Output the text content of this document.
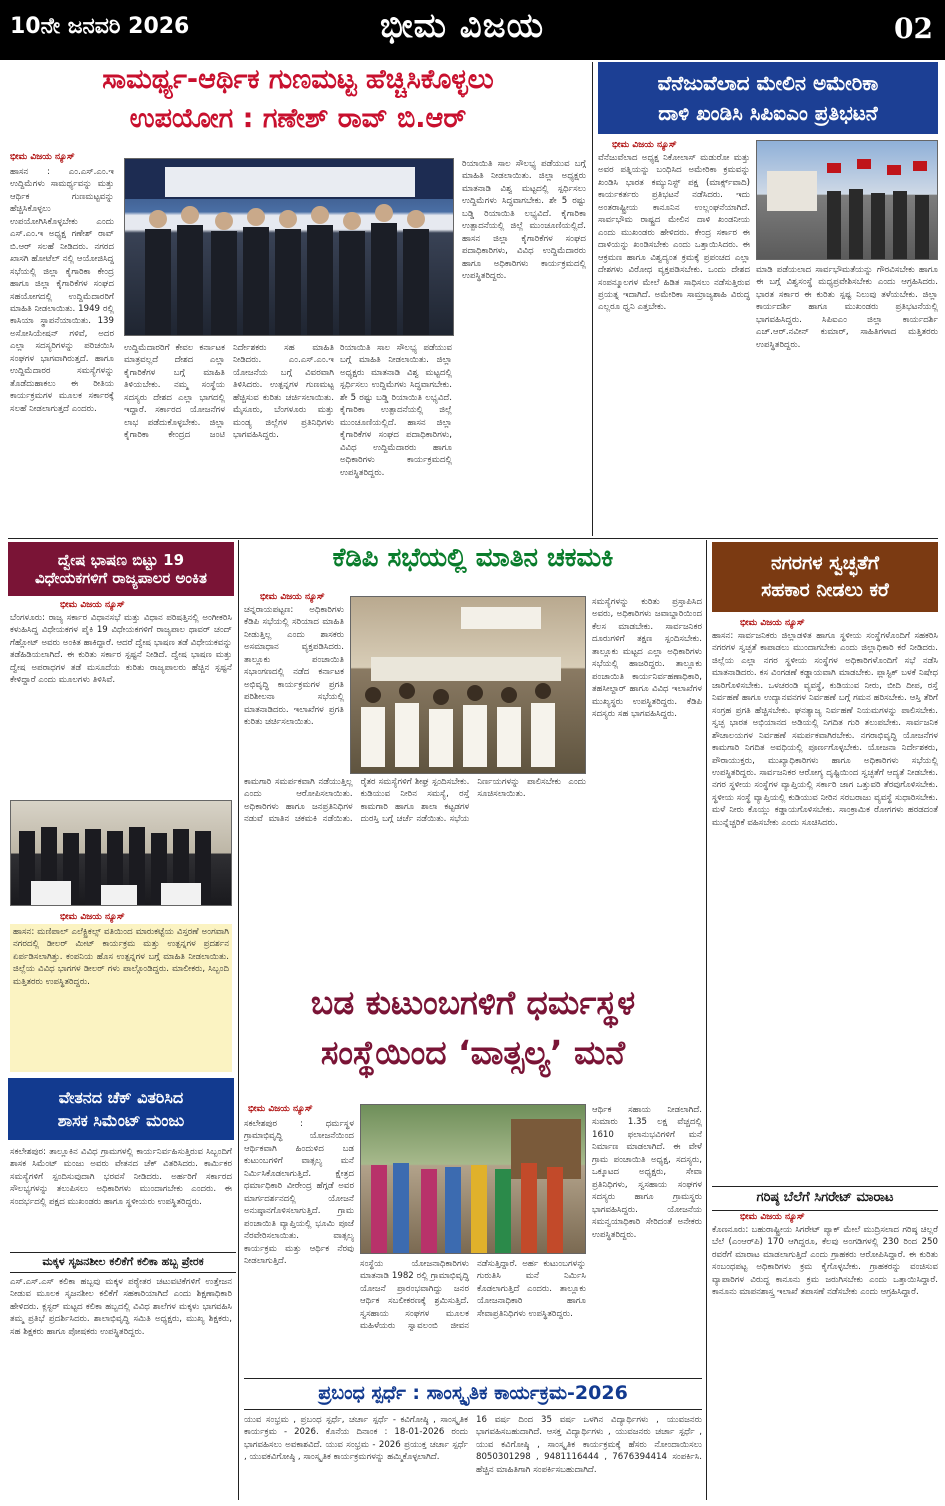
10ನೇ ಜನವರಿ 2026	ಭೀಮ ವಿಜಯ	02
ಸಾಮರ್ಥ್ಯ-ಆರ್ಥಿಕ ಗುಣಮಟ್ಟ ಹೆಚ್ಚಿಸಿಕೊಳ್ಳಲು
ಉಪಯೋಗ : ಗಣೇಶ್ ರಾವ್ ಬಿ.ಆರ್
ಭೀಮ ವಿಜಯ ನ್ಯೂಸ್
ಹಾಸನ : ಎಂ.ಎಸ್.ಎಂ.ಇ ಉದ್ದಿಮೆಗಳು ಸಾಮರ್ಥ್ಯವನ್ನು ಮತ್ತು ಆರ್ಥಿಕ ಗುಣಮಟ್ಟವನ್ನು ಹೆಚ್ಚಿಸಿಕೊಳ್ಳಲು ಉಪಯೋಗಿಸಿಕೊಳ್ಳಬೇಕು ಎಂದು ಎಸ್.ಎಂ.ಇ ಅಧ್ಯಕ್ಷ ಗಣೇಶ್ ರಾವ್ ಬಿ.ಆರ್ ಸಲಹೆ ನೀಡಿದರು. ನಗರದ ಖಾಸಗಿ ಹೋಟೆಲ್ ನಲ್ಲಿ ಆಯೋಜಿಸಿದ್ದ ಸಭೆಯಲ್ಲಿ ಜಿಲ್ಲಾ ಕೈಗಾರಿಕಾ ಕೇಂದ್ರ ಹಾಗೂ ಜಿಲ್ಲಾ ಕೈಗಾರಿಕೆಗಳ ಸಂಘದ ಸಹಯೋಗದಲ್ಲಿ ಉದ್ದಿಮೆದಾರರಿಗೆ ಮಾಹಿತಿ ನೀಡಲಾಯಿತು. 1949 ರಲ್ಲಿ ಕಾಸಿಯಾ ಸ್ಥಾಪನೆಯಾಯಿತು. 139 ಅಸೋಸಿಯೇಷನ್ ಗಳಿವೆ, ಅದರ ಎಲ್ಲಾ ಸದಸ್ಯರಿಗಳನ್ನು ಪರಿಚಯಿಸಿ ಸಂಘಗಳ ಭಾಗವಾಗಿರುತ್ತದೆ. ಹಾಗೂ ಉದ್ದಿಮೆದಾರರ ಸಮಸ್ಯೆಗಳನ್ನು ತೊಡೆದುಹಾಕಲು ಈ ರೀತಿಯ ಕಾರ್ಯಕ್ರಮಗಳ ಮೂಲಕ ಸರ್ಕಾರಕ್ಕೆ ಸಲಹೆ ನೀಡಲಾಗುತ್ತದೆ ಎಂದರು.
ಉದ್ದಿಮೆದಾರರಿಗೆ ಕೇವಲ ಕರ್ನಾಟಕ ಮಾತ್ರವಲ್ಲದೆ ದೇಶದ ಎಲ್ಲಾ ಕೈಗಾರಿಕೆಗಳ ಬಗ್ಗೆ ಮಾಹಿತಿ ತಿಳಿಯಬೇಕು. ನಮ್ಮ ಸಂಸ್ಥೆಯ ಸದಸ್ಯರು ದೇಶದ ಎಲ್ಲಾ ಭಾಗದಲ್ಲಿ ಇದ್ದಾರೆ. ಸರ್ಕಾರದ ಯೋಜನೆಗಳ ಲಾಭ ಪಡೆದುಕೊಳ್ಳಬೇಕು. ಜಿಲ್ಲಾ ಕೈಗಾರಿಕಾ ಕೇಂದ್ರದ ಜಂಟಿ ನಿರ್ದೇಶಕರು ಸಹ ಮಾಹಿತಿ ನೀಡಿದರು. ಎಂ.ಎಸ್.ಎಂ.ಇ ಯೋಜನೆಯ ಬಗ್ಗೆ ವಿವರವಾಗಿ ತಿಳಿಸಿದರು. ಉತ್ಪನ್ನಗಳ ಗುಣಮಟ್ಟ ಹೆಚ್ಚಿಸುವ ಕುರಿತು ಚರ್ಚಿಸಲಾಯಿತು. ಮೈಸೂರು, ಬೆಂಗಳೂರು ಮತ್ತು ಮಂಡ್ಯ ಜಿಲ್ಲೆಗಳ ಪ್ರತಿನಿಧಿಗಳು ಭಾಗವಹಿಸಿದ್ದರು.
ರಿಯಾಯಿತಿ ಸಾಲ ಸೌಲಭ್ಯ ಪಡೆಯುವ ಬಗ್ಗೆ ಮಾಹಿತಿ ನೀಡಲಾಯಿತು. ಜಿಲ್ಲಾ ಅಧ್ಯಕ್ಷರು ಮಾತನಾಡಿ ವಿಶ್ವ ಮಟ್ಟದಲ್ಲಿ ಸ್ಪರ್ಧಿಸಲು ಉದ್ದಿಮೆಗಳು ಸಿದ್ಧವಾಗಬೇಕು. ಶೇ 5 ರಷ್ಟು ಬಡ್ಡಿ ರಿಯಾಯಿತಿ ಲಭ್ಯವಿದೆ. ಕೈಗಾರಿಕಾ ಉತ್ಪಾದನೆಯಲ್ಲಿ ಜಿಲ್ಲೆ ಮುಂಚೂಣಿಯಲ್ಲಿದೆ. ಹಾಸನ ಜಿಲ್ಲಾ ಕೈಗಾರಿಕೆಗಳ ಸಂಘದ ಪದಾಧಿಕಾರಿಗಳು, ವಿವಿಧ ಉದ್ದಿಮೆದಾರರು ಹಾಗೂ ಅಧಿಕಾರಿಗಳು ಕಾರ್ಯಕ್ರಮದಲ್ಲಿ ಉಪಸ್ಥಿತರಿದ್ದರು.
ರಿಯಾಯಿತಿ ಸಾಲ ಸೌಲಭ್ಯ ಪಡೆಯುವ ಬಗ್ಗೆ ಮಾಹಿತಿ ನೀಡಲಾಯಿತು. ಜಿಲ್ಲಾ ಅಧ್ಯಕ್ಷರು ಮಾತನಾಡಿ ವಿಶ್ವ ಮಟ್ಟದಲ್ಲಿ ಸ್ಪರ್ಧಿಸಲು ಉದ್ದಿಮೆಗಳು ಸಿದ್ಧವಾಗಬೇಕು. ಶೇ 5 ರಷ್ಟು ಬಡ್ಡಿ ರಿಯಾಯಿತಿ ಲಭ್ಯವಿದೆ. ಕೈಗಾರಿಕಾ ಉತ್ಪಾದನೆಯಲ್ಲಿ ಜಿಲ್ಲೆ ಮುಂಚೂಣಿಯಲ್ಲಿದೆ. ಹಾಸನ ಜಿಲ್ಲಾ ಕೈಗಾರಿಕೆಗಳ ಸಂಘದ ಪದಾಧಿಕಾರಿಗಳು, ವಿವಿಧ ಉದ್ದಿಮೆದಾರರು ಹಾಗೂ ಅಧಿಕಾರಿಗಳು ಕಾರ್ಯಕ್ರಮದಲ್ಲಿ ಉಪಸ್ಥಿತರಿದ್ದರು.
ವೆನೆಜುವೆಲಾದ ಮೇಲಿನ ಅಮೇರಿಕಾ
ದಾಳಿ ಖಂಡಿಸಿ ಸಿಪಿಐಎಂ ಪ್ರತಿಭಟನೆ
ಭೀಮ ವಿಜಯ ನ್ಯೂಸ್
ವೆನೆಜುವೆಲಾದ ಅಧ್ಯಕ್ಷ ನಿಕೋಲಾಸ್ ಮಡುರೋ ಮತ್ತು ಅವರ ಪತ್ನಿಯನ್ನು ಬಂಧಿಸಿದ ಅಮೇರಿಕಾ ಕ್ರಮವನ್ನು ಖಂಡಿಸಿ ಭಾರತ ಕಮ್ಯುನಿಸ್ಟ್ ಪಕ್ಷ (ಮಾರ್ಕ್ಸ್‌ವಾದಿ) ಕಾರ್ಯಕರ್ತರು ಪ್ರತಿಭಟನೆ ನಡೆಸಿದರು. ಇದು ಅಂತರಾಷ್ಟ್ರೀಯ ಕಾನೂನಿನ ಉಲ್ಲಂಘನೆಯಾಗಿದೆ. ಸಾರ್ವಭೌಮ ರಾಷ್ಟ್ರದ ಮೇಲಿನ ದಾಳಿ ಖಂಡನೀಯ ಎಂದು ಮುಖಂಡರು ಹೇಳಿದರು. ಕೇಂದ್ರ ಸರ್ಕಾರ ಈ ದಾಳಿಯನ್ನು ಖಂಡಿಸಬೇಕು ಎಂದು ಒತ್ತಾಯಿಸಿದರು. ಈ ಆಕ್ರಮಣ ಹಾಗೂ ವಿಶ್ವದ್ಯಂತ ಕ್ರಮಕ್ಕೆ ಪ್ರಪಂಚದ ಎಲ್ಲಾ ದೇಶಗಳು ವಿರೋಧ ವ್ಯಕ್ತಪಡಿಸಬೇಕು. ಒಂದು ದೇಶದ ಸಂಪನ್ಮೂಲಗಳ ಮೇಲೆ ಹಿಡಿತ ಸಾಧಿಸಲು ನಡೆಸುತ್ತಿರುವ ಪ್ರಯತ್ನ ಇದಾಗಿದೆ. ಅಮೇರಿಕಾ ಸಾಮ್ರಾಜ್ಯಶಾಹಿ ವಿರುದ್ಧ ಎಲ್ಲರೂ ಧ್ವನಿ ಎತ್ತಬೇಕು.
ಮಾಡಿ ಪಡೆಯಲಾದ ಸಾರ್ವಭೌಮತೆಯನ್ನು ಗೌರವಿಸಬೇಕು ಹಾಗೂ ಈ ಬಗ್ಗೆ ವಿಶ್ವಸಂಸ್ಥೆ ಮಧ್ಯಪ್ರವೇಶಿಸಬೇಕು ಎಂದು ಆಗ್ರಹಿಸಿದರು. ಭಾರತ ಸರ್ಕಾರ ಈ ಕುರಿತು ಸ್ಪಷ್ಟ ನಿಲುವು ತಳೆಯಬೇಕು. ಜಿಲ್ಲಾ ಕಾರ್ಯದರ್ಶಿ ಹಾಗೂ ಮುಖಂಡರು ಪ್ರತಿಭಟನೆಯಲ್ಲಿ ಭಾಗವಹಿಸಿದ್ದರು. ಸಿಪಿಐಎಂ ಜಿಲ್ಲಾ ಕಾರ್ಯದರ್ಶಿ ಎಚ್.ಆರ್.ನವೀನ್ ಕುಮಾರ್, ಸಾಹಿತಿಗಳಾದ ಮತ್ತಿತರರು ಉಪಸ್ಥಿತರಿದ್ದರು.
ದ್ವೇಷ ಭಾಷಣ ಬಿಟ್ಟು 19
ವಿಧೇಯಕಗಳಿಗೆ ರಾಜ್ಯಪಾಲರ ಅಂಕಿತ
ಭೀಮ ವಿಜಯ ನ್ಯೂಸ್
ಬೆಂಗಳೂರು: ರಾಜ್ಯ ಸರ್ಕಾರ ವಿಧಾನಸಭೆ ಮತ್ತು ವಿಧಾನ ಪರಿಷತ್ತಿನಲ್ಲಿ ಅಂಗೀಕರಿಸಿ ಕಳುಹಿಸಿದ್ದ ವಿಧೇಯಕಗಳ ಪೈಕಿ 19 ವಿಧೇಯಕಗಳಿಗೆ ರಾಜ್ಯಪಾಲ ಥಾವರ್ ಚಂದ್ ಗೆಹ್ಲೋಟ್ ಅವರು ಅಂಕಿತ ಹಾಕಿದ್ದಾರೆ. ಆದರೆ ದ್ವೇಷ ಭಾಷಣ ತಡೆ ವಿಧೇಯಕವನ್ನು ತಡೆಹಿಡಿಯಲಾಗಿದೆ. ಈ ಕುರಿತು ಸರ್ಕಾರ ಸ್ಪಷ್ಟನೆ ನೀಡಿದೆ. ದ್ವೇಷ ಭಾಷಣ ಮತ್ತು ದ್ವೇಷ ಅಪರಾಧಗಳ ತಡೆ ಮಸೂದೆಯ ಕುರಿತು ರಾಜ್ಯಪಾಲರು ಹೆಚ್ಚಿನ ಸ್ಪಷ್ಟನೆ ಕೇಳಿದ್ದಾರೆ ಎಂದು ಮೂಲಗಳು ತಿಳಿಸಿವೆ.
ಭೀಮ ವಿಜಯ ನ್ಯೂಸ್
ಹಾಸನ: ಮಣಿಪಾಲ್ ಎಲೆಕ್ಟ್ರಿಕಲ್ಸ್ ವತಿಯಿಂದ ಮಾರುಕಟ್ಟೆಯ ವಿಸ್ತರಣೆ ಅಂಗವಾಗಿ ನಗರದಲ್ಲಿ ಡೀಲರ್ ಮೀಟ್ ಕಾರ್ಯಕ್ರಮ ಮತ್ತು ಉತ್ಪನ್ನಗಳ ಪ್ರದರ್ಶನ ಏರ್ಪಡಿಸಲಾಗಿತ್ತು. ಕಂಪನಿಯ ಹೊಸ ಉತ್ಪನ್ನಗಳ ಬಗ್ಗೆ ಮಾಹಿತಿ ನೀಡಲಾಯಿತು. ಜಿಲ್ಲೆಯ ವಿವಿಧ ಭಾಗಗಳ ಡೀಲರ್ ಗಳು ಪಾಲ್ಗೊಂಡಿದ್ದರು. ಮಾಲೀಕರು, ಸಿಬ್ಬಂದಿ ಮತ್ತಿತರರು ಉಪಸ್ಥಿತರಿದ್ದರು.
ವೇತನದ ಚೆಕ್ ವಿತರಿಸಿದ
ಶಾಸಕ ಸಿಮೆಂಟ್ ಮಂಜು
ಸಕಲೇಶಪುರ: ತಾಲ್ಲೂಕಿನ ವಿವಿಧ ಗ್ರಾಮಗಳಲ್ಲಿ ಕಾರ್ಯನಿರ್ವಹಿಸುತ್ತಿರುವ ಸಿಬ್ಬಂದಿಗೆ ಶಾಸಕ ಸಿಮೆಂಟ್ ಮಂಜು ಅವರು ವೇತನದ ಚೆಕ್ ವಿತರಿಸಿದರು. ಕಾರ್ಮಿಕರ ಸಮಸ್ಯೆಗಳಿಗೆ ಸ್ಪಂದಿಸುವುದಾಗಿ ಭರವಸೆ ನೀಡಿದರು. ಅರ್ಹರಿಗೆ ಸರ್ಕಾರದ ಸೌಲಭ್ಯಗಳನ್ನು ತಲುಪಿಸಲು ಅಧಿಕಾರಿಗಳು ಮುಂದಾಗಬೇಕು ಎಂದರು. ಈ ಸಂದರ್ಭದಲ್ಲಿ ಪಕ್ಷದ ಮುಖಂಡರು ಹಾಗೂ ಸ್ಥಳೀಯರು ಉಪಸ್ಥಿತರಿದ್ದರು.
ಮಕ್ಕಳ ಸೃಜನಶೀಲ ಕಲಿಕೆಗೆ ಕಲಿಕಾ ಹಬ್ಬ ಪ್ರೇರಕ
ಎಸ್.ಎಸ್.ಎಸ್ ಕಲಿಕಾ ಹಬ್ಬವು ಮಕ್ಕಳ ಪಠ್ಯೇತರ ಚಟುವಟಿಕೆಗಳಿಗೆ ಉತ್ತೇಜನ ನೀಡುವ ಮೂಲಕ ಸೃಜನಶೀಲ ಕಲಿಕೆಗೆ ಸಹಕಾರಿಯಾಗಿದೆ ಎಂದು ಶಿಕ್ಷಣಾಧಿಕಾರಿ ಹೇಳಿದರು. ಕ್ಲಸ್ಟರ್ ಮಟ್ಟದ ಕಲಿಕಾ ಹಬ್ಬದಲ್ಲಿ ವಿವಿಧ ಶಾಲೆಗಳ ಮಕ್ಕಳು ಭಾಗವಹಿಸಿ ತಮ್ಮ ಪ್ರತಿಭೆ ಪ್ರದರ್ಶಿಸಿದರು. ಶಾಲಾಭಿವೃದ್ಧಿ ಸಮಿತಿ ಅಧ್ಯಕ್ಷರು, ಮುಖ್ಯ ಶಿಕ್ಷಕರು, ಸಹ ಶಿಕ್ಷಕರು ಹಾಗೂ ಪೋಷಕರು ಉಪಸ್ಥಿತರಿದ್ದರು.
ಕೆಡಿಪಿ ಸಭೆಯಲ್ಲಿ ಮಾತಿನ ಚಕಮಕಿ
ಭೀಮ ವಿಜಯ ನ್ಯೂಸ್
ಚನ್ನರಾಯಪಟ್ಟಣ: ಅಧಿಕಾರಿಗಳು ಕೆಡಿಪಿ ಸಭೆಯಲ್ಲಿ ಸರಿಯಾದ ಮಾಹಿತಿ ನೀಡುತ್ತಿಲ್ಲ ಎಂದು ಶಾಸಕರು ಅಸಮಾಧಾನ ವ್ಯಕ್ತಪಡಿಸಿದರು. ತಾಲ್ಲೂಕು ಪಂಚಾಯಿತಿ ಸಭಾಂಗಣದಲ್ಲಿ ನಡೆದ ಕರ್ನಾಟಕ ಅಭಿವೃದ್ಧಿ ಕಾರ್ಯಕ್ರಮಗಳ ಪ್ರಗತಿ ಪರಿಶೀಲನಾ ಸಭೆಯಲ್ಲಿ ಮಾತನಾಡಿದರು. ಇಲಾಖೆಗಳ ಪ್ರಗತಿ ಕುರಿತು ಚರ್ಚಿಸಲಾಯಿತು.
ಕಾಮಗಾರಿ ಸಮರ್ಪಕವಾಗಿ ನಡೆಯುತ್ತಿಲ್ಲ ಎಂದು ಆರೋಪಿಸಲಾಯಿತು. ಅಧಿಕಾರಿಗಳು ಹಾಗೂ ಜನಪ್ರತಿನಿಧಿಗಳ ನಡುವೆ ಮಾತಿನ ಚಕಮಕಿ ನಡೆಯಿತು. ರೈತರ ಸಮಸ್ಯೆಗಳಿಗೆ ಶೀಘ್ರ ಸ್ಪಂದಿಸಬೇಕು. ಕುಡಿಯುವ ನೀರಿನ ಸಮಸ್ಯೆ, ರಸ್ತೆ ಕಾಮಗಾರಿ ಹಾಗೂ ಶಾಲಾ ಕಟ್ಟಡಗಳ ದುರಸ್ತಿ ಬಗ್ಗೆ ಚರ್ಚೆ ನಡೆಯಿತು. ಸಭೆಯ ನಿರ್ಣಯಗಳನ್ನು ಪಾಲಿಸಬೇಕು ಎಂದು ಸೂಚಿಸಲಾಯಿತು.
ಸಮಸ್ಯೆಗಳನ್ನು ಕುರಿತು ಪ್ರಸ್ತಾಪಿಸಿದ ಅವರು, ಅಧಿಕಾರಿಗಳು ಜವಾಬ್ದಾರಿಯಿಂದ ಕೆಲಸ ಮಾಡಬೇಕು. ಸಾರ್ವಜನಿಕರ ದೂರುಗಳಿಗೆ ತಕ್ಷಣ ಸ್ಪಂದಿಸಬೇಕು. ತಾಲ್ಲೂಕು ಮಟ್ಟದ ಎಲ್ಲಾ ಅಧಿಕಾರಿಗಳು ಸಭೆಯಲ್ಲಿ ಹಾಜರಿದ್ದರು. ತಾಲ್ಲೂಕು ಪಂಚಾಯಿತಿ ಕಾರ್ಯನಿರ್ವಹಣಾಧಿಕಾರಿ, ತಹಸೀಲ್ದಾರ್ ಹಾಗೂ ವಿವಿಧ ಇಲಾಖೆಗಳ ಮುಖ್ಯಸ್ಥರು ಉಪಸ್ಥಿತರಿದ್ದರು. ಕೆಡಿಪಿ ಸದಸ್ಯರು ಸಹ ಭಾಗವಹಿಸಿದ್ದರು.
ಬಡ ಕುಟುಂಬಗಳಿಗೆ ಧರ್ಮಸ್ಥಳ
ಸಂಸ್ಥೆಯಿಂದ ‘ವಾತ್ಸಲ್ಯ’ ಮನೆ
ಭೀಮ ವಿಜಯ ನ್ಯೂಸ್
ಸಕಲೇಶಪುರ : ಧರ್ಮಸ್ಥಳ ಗ್ರಾಮಾಭಿವೃದ್ಧಿ ಯೋಜನೆಯಿಂದ ಆರ್ಥಿಕವಾಗಿ ಹಿಂದುಳಿದ ಬಡ ಕುಟುಂಬಗಳಿಗೆ ವಾತ್ಸಲ್ಯ ಮನೆ ನಿರ್ಮಿಸಿಕೊಡಲಾಗುತ್ತಿದೆ. ಕ್ಷೇತ್ರದ ಧರ್ಮಾಧಿಕಾರಿ ವೀರೇಂದ್ರ ಹೆಗ್ಗಡೆ ಅವರ ಮಾರ್ಗದರ್ಶನದಲ್ಲಿ ಯೋಜನೆ ಅನುಷ್ಠಾನಗೊಳಿಸಲಾಗುತ್ತಿದೆ. ಗ್ರಾಮ ಪಂಚಾಯಿತಿ ವ್ಯಾಪ್ತಿಯಲ್ಲಿ ಭೂಮಿ ಪೂಜೆ ನೆರವೇರಿಸಲಾಯಿತು. ವಾತ್ಸಲ್ಯ ಕಾರ್ಯಕ್ರಮ ಮತ್ತು ಆರ್ಥಿಕ ನೆರವು ನೀಡಲಾಗುತ್ತಿದೆ.	ಸಂಸ್ಥೆಯ ಯೋಜನಾಧಿಕಾರಿಗಳು ಮಾತನಾಡಿ 1982 ರಲ್ಲಿ ಗ್ರಾಮಾಭಿವೃದ್ಧಿ ಯೋಜನೆ ಪ್ರಾರಂಭವಾಗಿದ್ದು ಜನರ ಆರ್ಥಿಕ ಸಬಲೀಕರಣಕ್ಕೆ ಶ್ರಮಿಸುತ್ತಿದೆ. ಸ್ವಸಹಾಯ ಸಂಘಗಳ ಮೂಲಕ ಮಹಿಳೆಯರು ಸ್ವಾವಲಂಬಿ ಜೀವನ ನಡೆಸುತ್ತಿದ್ದಾರೆ. ಅರ್ಹ ಕುಟುಂಬಗಳನ್ನು ಗುರುತಿಸಿ ಮನೆ ನಿರ್ಮಿಸಿ ಕೊಡಲಾಗುತ್ತಿದೆ ಎಂದರು. ತಾಲ್ಲೂಕು ಯೋಜನಾಧಿಕಾರಿ ಹಾಗೂ ಸೇವಾಪ್ರತಿನಿಧಿಗಳು ಉಪಸ್ಥಿತರಿದ್ದರು.
ಆರ್ಥಿಕ ಸಹಾಯ ನೀಡಲಾಗಿದೆ. ಸುಮಾರು 1.35 ಲಕ್ಷ ವೆಚ್ಚದಲ್ಲಿ 1610 ಫಲಾನುಭವಿಗಳಿಗೆ ಮನೆ ನಿರ್ಮಾಣ ಮಾಡಲಾಗಿದೆ. ಈ ವೇಳೆ ಗ್ರಾಮ ಪಂಚಾಯಿತಿ ಅಧ್ಯಕ್ಷ, ಸದಸ್ಯರು, ಒಕ್ಕೂಟದ ಅಧ್ಯಕ್ಷರು, ಸೇವಾ ಪ್ರತಿನಿಧಿಗಳು, ಸ್ವಸಹಾಯ ಸಂಘಗಳ ಸದಸ್ಯರು ಹಾಗೂ ಗ್ರಾಮಸ್ಥರು ಭಾಗವಹಿಸಿದ್ದರು. ಯೋಜನೆಯ ಸಮನ್ವಯಾಧಿಕಾರಿ ಸೇರಿದಂತೆ ಅನೇಕರು ಉಪಸ್ಥಿತರಿದ್ದರು.
ಪ್ರಬಂಧ ಸ್ಪರ್ಧೆ : ಸಾಂಸ್ಕೃತಿಕ ಕಾರ್ಯಕ್ರಮ-2026
ಯುವ ಸಂಭ್ರಮ , ಪ್ರಬಂಧ ಸ್ಪರ್ಧೆ, ಚರ್ಚಾ ಸ್ಪರ್ಧೆ - ಕವಿಗೋಷ್ಠಿ , ಸಾಂಸ್ಕೃತಿಕ ಕಾರ್ಯಕ್ರಮ - 2026. ಕೊನೆಯ ದಿನಾಂಕ : 18-01-2026 ರಂದು ಭಾಗವಹಿಸಲು ಅವಕಾಶವಿದೆ. ಯುವ ಸಂಭ್ರಮ - 2026 ಪ್ರಯುಕ್ತ ಚರ್ಚಾ ಸ್ಪರ್ಧೆ , ಯುವಕವಿಗೋಷ್ಠಿ , ಸಾಂಸ್ಕೃತಿಕ ಕಾರ್ಯಕ್ರಮಗಳನ್ನು ಹಮ್ಮಿಕೊಳ್ಳಲಾಗಿದೆ.
16 ವರ್ಷ ದಿಂದ 35 ವರ್ಷ ಒಳಗಿನ ವಿದ್ಯಾರ್ಥಿಗಳು , ಯುವಜನರು ಭಾಗವಹಿಸಬಹುದಾಗಿದೆ. ಆಸಕ್ತ ವಿದ್ಯಾರ್ಥಿಗಳು , ಯುವಜನರು ಚರ್ಚಾ ಸ್ಪರ್ಧೆ , ಯುವ ಕವಿಗೋಷ್ಠಿ , ಸಾಂಸ್ಕೃತಿಕ ಕಾರ್ಯಕ್ರಮಕ್ಕೆ ಹೆಸರು ನೋಂದಾಯಿಸಲು 8050301298 , 9481116444 , 7676394414 ಸಂಪರ್ಕಿಸಿ. ಹೆಚ್ಚಿನ ಮಾಹಿತಿಗಾಗಿ ಸಂಪರ್ಕಿಸಬಹುದಾಗಿದೆ.
ನಗರಗಳ ಸ್ವಚ್ಛತೆಗೆ
ಸಹಕಾರ ನೀಡಲು ಕರೆ
ಭೀಮ ವಿಜಯ ನ್ಯೂಸ್
ಹಾಸನ: ಸಾರ್ವಜನಿಕರು ಜಿಲ್ಲಾಡಳಿತ ಹಾಗೂ ಸ್ಥಳೀಯ ಸಂಸ್ಥೆಗಳೊಂದಿಗೆ ಸಹಕರಿಸಿ ನಗರಗಳ ಸ್ವಚ್ಛತೆ ಕಾಪಾಡಲು ಮುಂದಾಗಬೇಕು ಎಂದು ಜಿಲ್ಲಾಧಿಕಾರಿ ಕರೆ ನೀಡಿದರು. ಜಿಲ್ಲೆಯ ಎಲ್ಲಾ ನಗರ ಸ್ಥಳೀಯ ಸಂಸ್ಥೆಗಳ ಅಧಿಕಾರಿಗಳೊಂದಿಗೆ ಸಭೆ ನಡೆಸಿ ಮಾತನಾಡಿದರು. ಕಸ ವಿಂಗಡಣೆ ಕಡ್ಡಾಯವಾಗಿ ಮಾಡಬೇಕು. ಪ್ಲಾಸ್ಟಿಕ್ ಬಳಕೆ ನಿಷೇಧ ಜಾರಿಗೊಳಿಸಬೇಕು. ಒಳಚರಂಡಿ ವ್ಯವಸ್ಥೆ, ಕುಡಿಯುವ ನೀರು, ಬೀದಿ ದೀಪ, ರಸ್ತೆ ನಿರ್ವಹಣೆ ಹಾಗೂ ಉದ್ಯಾನವನಗಳ ನಿರ್ವಹಣೆ ಬಗ್ಗೆ ಗಮನ ಹರಿಸಬೇಕು. ಆಸ್ತಿ ತೆರಿಗೆ ಸಂಗ್ರಹ ಪ್ರಗತಿ ಹೆಚ್ಚಿಸಬೇಕು. ಘನತ್ಯಾಜ್ಯ ನಿರ್ವಹಣೆ ನಿಯಮಗಳನ್ನು ಪಾಲಿಸಬೇಕು. ಸ್ವಚ್ಛ ಭಾರತ ಅಭಿಯಾನದ ಅಡಿಯಲ್ಲಿ ನಿಗದಿತ ಗುರಿ ತಲುಪಬೇಕು. ಸಾರ್ವಜನಿಕ ಶೌಚಾಲಯಗಳ ನಿರ್ವಹಣೆ ಸಮರ್ಪಕವಾಗಿರಬೇಕು. ನಗರಾಭಿವೃದ್ಧಿ ಯೋಜನೆಗಳ ಕಾಮಗಾರಿ ನಿಗದಿತ ಅವಧಿಯಲ್ಲಿ ಪೂರ್ಣಗೊಳ್ಳಬೇಕು. ಯೋಜನಾ ನಿರ್ದೇಶಕರು, ಪೌರಾಯುಕ್ತರು, ಮುಖ್ಯಾಧಿಕಾರಿಗಳು ಹಾಗೂ ಅಧಿಕಾರಿಗಳು ಸಭೆಯಲ್ಲಿ ಉಪಸ್ಥಿತರಿದ್ದರು. ಸಾರ್ವಜನಿಕರ ಆರೋಗ್ಯ ದೃಷ್ಟಿಯಿಂದ ಸ್ವಚ್ಛತೆಗೆ ಆದ್ಯತೆ ನೀಡಬೇಕು. ನಗರ ಸ್ಥಳೀಯ ಸಂಸ್ಥೆಗಳ ವ್ಯಾಪ್ತಿಯಲ್ಲಿ ಸರ್ಕಾರಿ ಜಾಗ ಒತ್ತುವರಿ ತೆರವುಗೊಳಿಸಬೇಕು. ಸ್ಥಳೀಯ ಸಂಸ್ಥೆ ವ್ಯಾಪ್ತಿಯಲ್ಲಿ ಕುಡಿಯುವ ನೀರಿನ ಸರಬರಾಜು ವ್ಯವಸ್ಥೆ ಸುಧಾರಿಸಬೇಕು. ಮಳೆ ನೀರು ಕೊಯ್ಲು ಕಡ್ಡಾಯಗೊಳಿಸಬೇಕು. ಸಾಂಕ್ರಾಮಿಕ ರೋಗಗಳು ಹರಡದಂತೆ ಮುನ್ನೆಚ್ಚರಿಕೆ ವಹಿಸಬೇಕು ಎಂದು ಸೂಚಿಸಿದರು.
ಗರಿಷ್ಠ ಬೆಲೆಗೆ ಸಿಗರೇಟ್ ಮಾರಾಟ
ಭೀಮ ವಿಜಯ ನ್ಯೂಸ್
ಕೊಣನೂರು: ಬಹುರಾಷ್ಟ್ರೀಯ ಸಿಗರೇಟ್ ಪ್ಯಾಕ್ ಮೇಲೆ ಮುದ್ರಿಸಲಾದ ಗರಿಷ್ಠ ಚಿಲ್ಲರೆ ಬೆಲೆ (ಎಂಆರ್‌ಪಿ) 170 ಆಗಿದ್ದರೂ, ಕೆಲವು ಅಂಗಡಿಗಳಲ್ಲಿ 230 ರಿಂದ 250 ರವರೆಗೆ ಮಾರಾಟ ಮಾಡಲಾಗುತ್ತಿದೆ ಎಂದು ಗ್ರಾಹಕರು ಆರೋಪಿಸಿದ್ದಾರೆ. ಈ ಕುರಿತು ಸಂಬಂಧಪಟ್ಟ ಅಧಿಕಾರಿಗಳು ಕ್ರಮ ಕೈಗೊಳ್ಳಬೇಕು. ಗ್ರಾಹಕರನ್ನು ವಂಚಿಸುವ ವ್ಯಾಪಾರಿಗಳ ವಿರುದ್ಧ ಕಾನೂನು ಕ್ರಮ ಜರುಗಿಸಬೇಕು ಎಂದು ಒತ್ತಾಯಿಸಿದ್ದಾರೆ. ಕಾನೂನು ಮಾಪನಶಾಸ್ತ್ರ ಇಲಾಖೆ ತಪಾಸಣೆ ನಡೆಸಬೇಕು ಎಂದು ಆಗ್ರಹಿಸಿದ್ದಾರೆ.
